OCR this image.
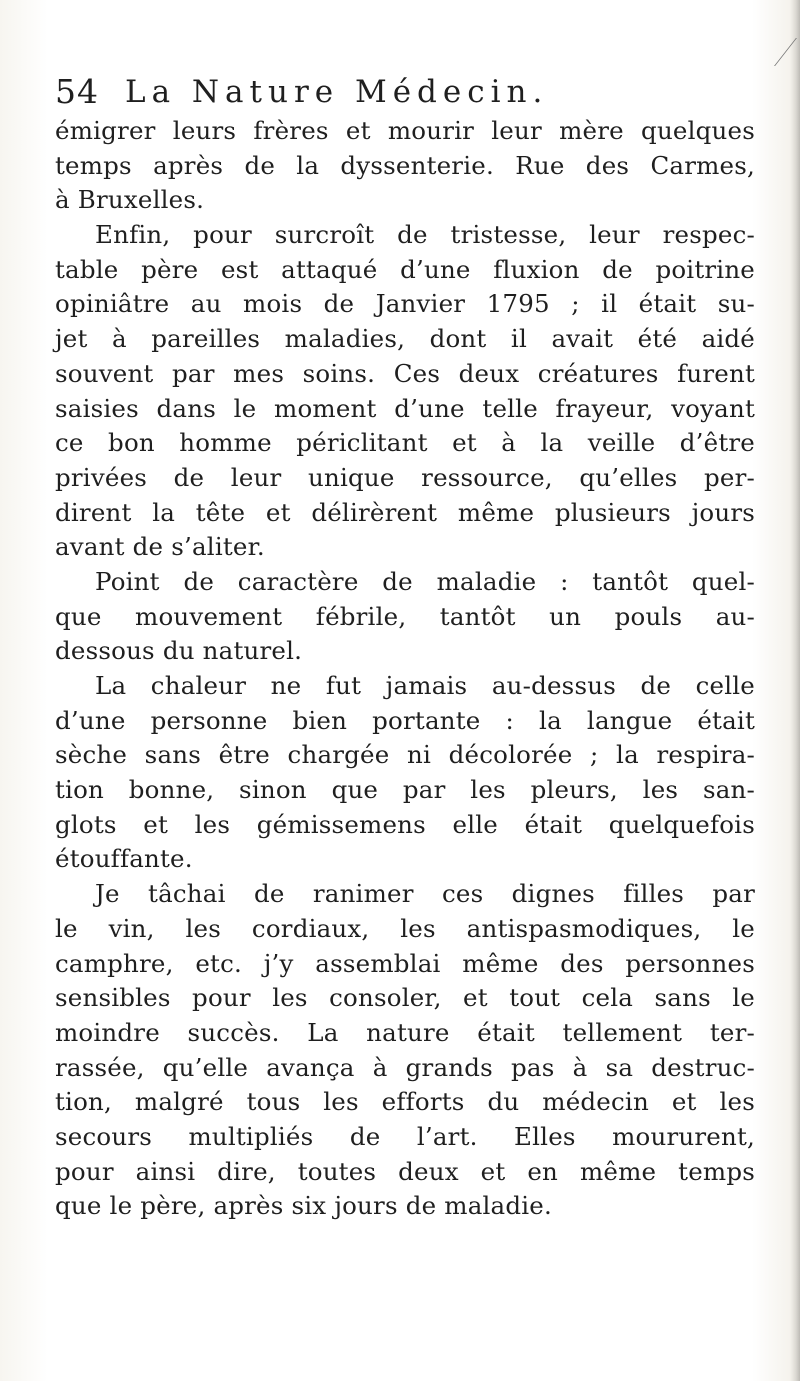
54 La Nature Médecin.
émigrer leurs frères et mourir leur mère quelques
temps après de la dyssenterie. Rue des Carmes,
à Bruxelles.
Enfin, pour surcroît de tristesse, leur respec-
table père est attaqué d’une fluxion de poitrine
opiniâtre au mois de Janvier 1795 ; il était su-
jet à pareilles maladies, dont il avait été aidé
souvent par mes soins. Ces deux créatures furent
saisies dans le moment d’une telle frayeur, voyant
ce bon homme périclitant et à la veille d’être
privées de leur unique ressource, qu’elles per-
dirent la tête et délirèrent même plusieurs jours
avant de s’aliter.
Point de caractère de maladie : tantôt quel-
que mouvement fébrile, tantôt un pouls au-
dessous du naturel.
La chaleur ne fut jamais au-dessus de celle
d’une personne bien portante : la langue était
sèche sans être chargée ni décolorée ; la respira-
tion bonne, sinon que par les pleurs, les san-
glots et les gémissemens elle était quelquefois
étouffante.
Je tâchai de ranimer ces dignes filles par
le vin, les cordiaux, les antispasmodiques, le
camphre, etc. j’y assemblai même des personnes
sensibles pour les consoler, et tout cela sans le
moindre succès. La nature était tellement ter-
rassée, qu’elle avança à grands pas à sa destruc-
tion, malgré tous les efforts du médecin et les
secours multipliés de l’art. Elles moururent,
pour ainsi dire, toutes deux et en même temps
que le père, après six jours de maladie.
